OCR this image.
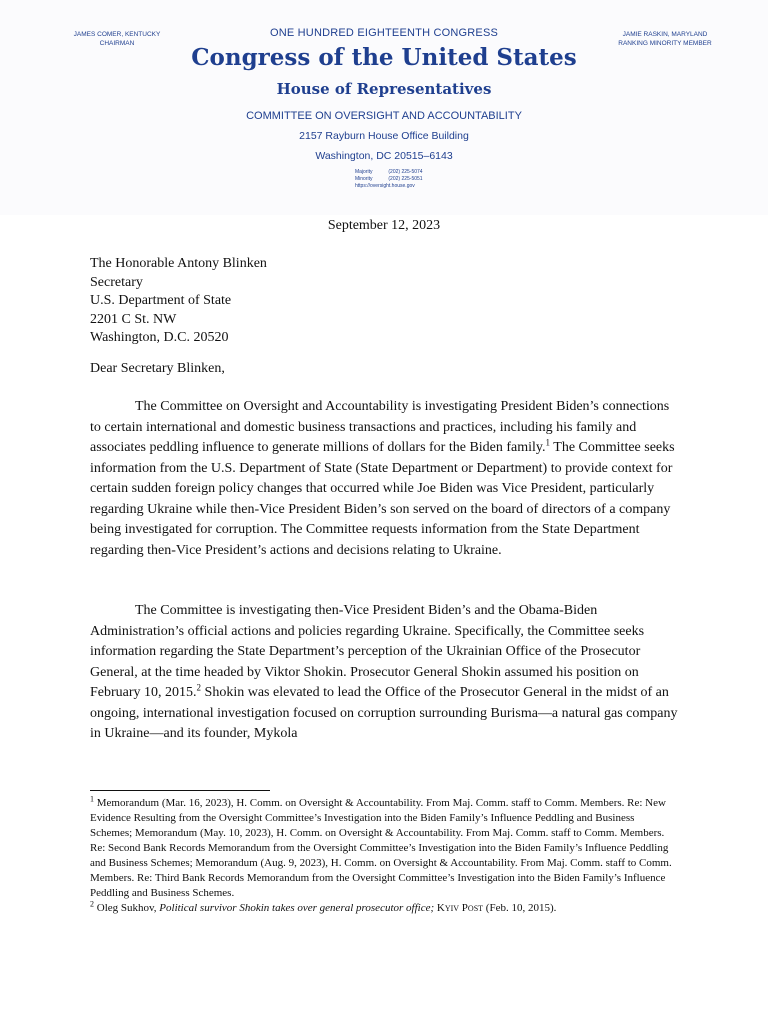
JAMES COMER, KENTUCKY
CHAIRMAN
JAMIE RASKIN, MARYLAND
RANKING MINORITY MEMBER
ONE HUNDRED EIGHTEENTH CONGRESS
Congress of the United States
House of Representatives
COMMITTEE ON OVERSIGHT AND ACCOUNTABILITY
2157 Rayburn House Office Building
Washington, DC 20515–6143
Majority	(202) 225-5074
Minority	(202) 225-5051
https://oversight.house.gov
September 12, 2023
The Honorable Antony Blinken
Secretary
U.S. Department of State
2201 C St. NW
Washington, D.C. 20520
Dear Secretary Blinken,
The Committee on Oversight and Accountability is investigating President Biden’s connections to certain international and domestic business transactions and practices, including his family and associates peddling influence to generate millions of dollars for the Biden family.$^1$ The Committee seeks information from the U.S. Department of State (State Department or Department) to provide context for certain sudden foreign policy changes that occurred while Joe Biden was Vice President, particularly regarding Ukraine while then-Vice President Biden’s son served on the board of directors of a company being investigated for corruption. The Committee requests information from the State Department regarding then-Vice President’s actions and decisions relating to Ukraine.
The Committee is investigating then-Vice President Biden’s and the Obama-Biden Administration’s official actions and policies regarding Ukraine. Specifically, the Committee seeks information regarding the State Department’s perception of the Ukrainian Office of the Prosecutor General, at the time headed by Viktor Shokin. Prosecutor General Shokin assumed his position on February 10, 2015.$^2$ Shokin was elevated to lead the Office of the Prosecutor General in the midst of an ongoing, international investigation focused on corruption surrounding Burisma—a natural gas company in Ukraine—and its founder, Mykola

$^1$ Memorandum (Mar. 16, 2023), H. Comm. on Oversight & Accountability. From Maj. Comm. staff to Comm. Members. Re: New Evidence Resulting from the Oversight Committee’s Investigation into the Biden Family’s Influence Peddling and Business Schemes; Memorandum (May. 10, 2023), H. Comm. on Oversight & Accountability. From Maj. Comm. staff to Comm. Members. Re: Second Bank Records Memorandum from the Oversight Committee’s Investigation into the Biden Family’s Influence Peddling and Business Schemes; Memorandum (Aug. 9, 2023), H. Comm. on Oversight & Accountability. From Maj. Comm. staff to Comm. Members. Re: Third Bank Records Memorandum from the Oversight Committee’s Investigation into the Biden Family’s Influence Peddling and Business Schemes.

$^2$ Oleg Sukhov, Political survivor Shokin takes over general prosecutor office; Kyiv Post (Feb. 10, 2015).
